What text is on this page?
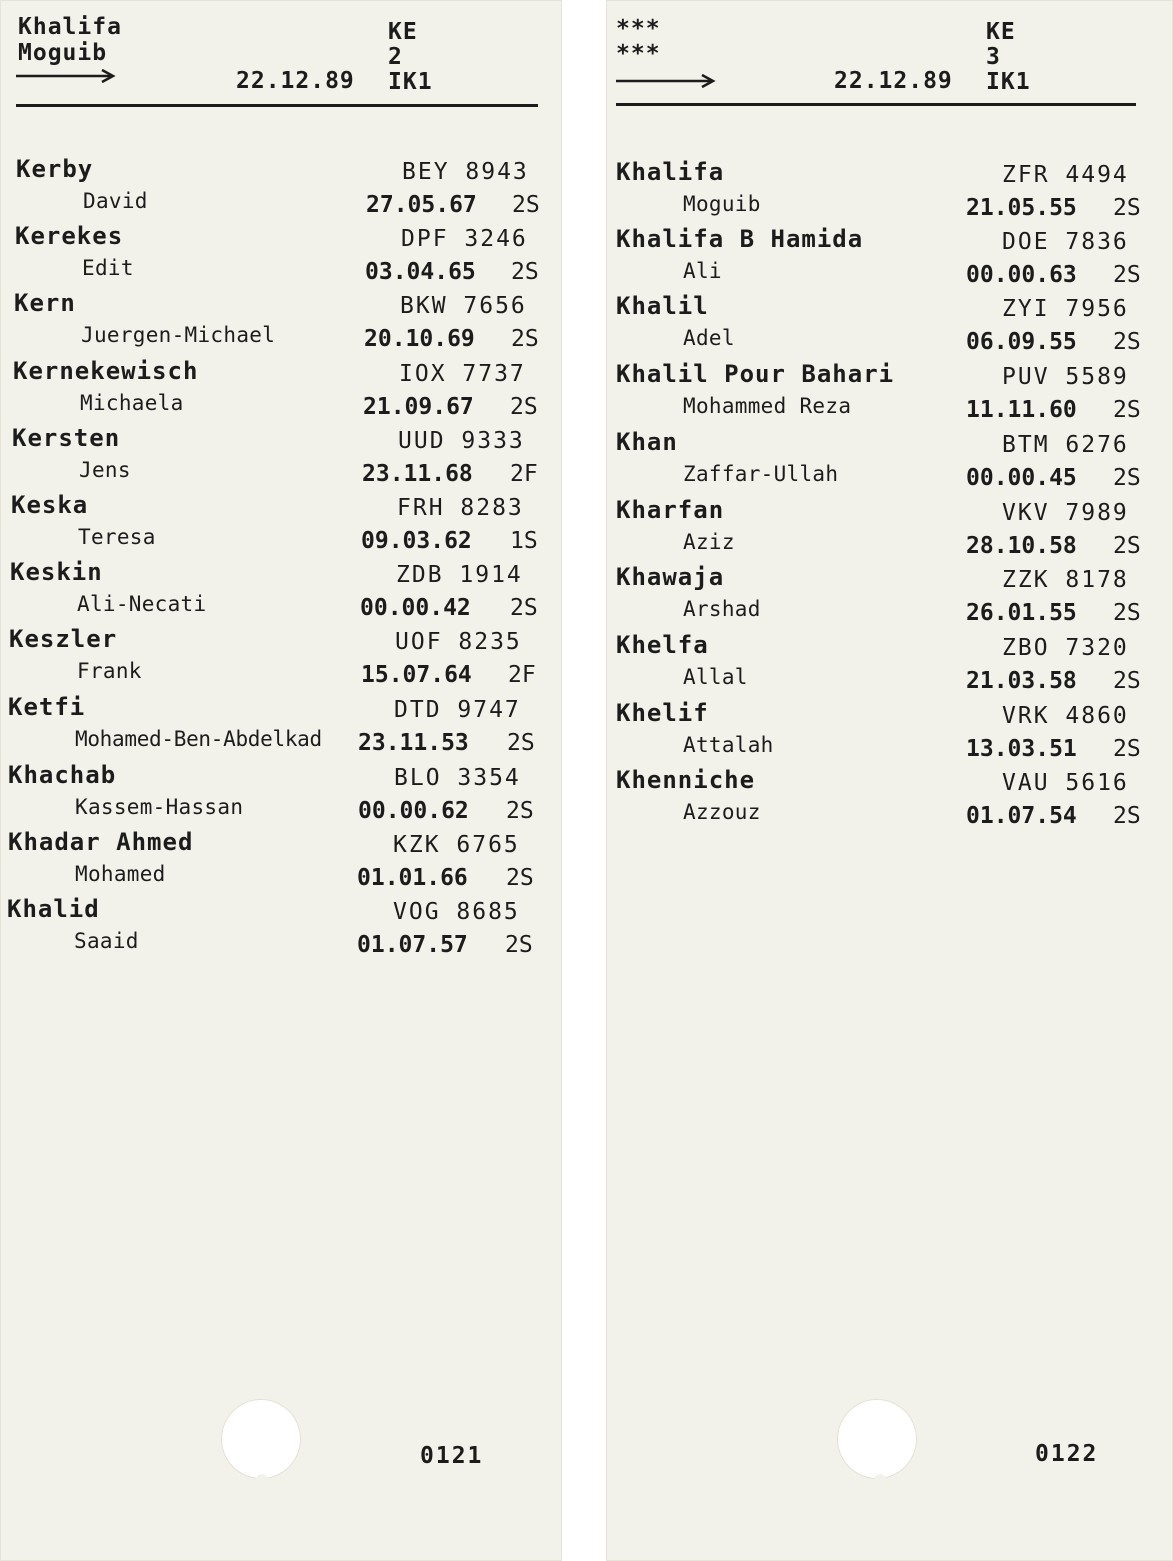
Khalifa
Moguib
KE
2
22.12.89 IK1
Kerby
David
BEY 8943
27.05.67 2S
Kerekes
Edit
DPF 3246
03.04.65 2S
Kern
Juergen-Michael
BKW 7656
20.10.69 2S
Kernekewisch
Michaela
IOX 7737
21.09.67 2S
Kersten
Jens
UUD 9333
23.11.68 2F
Keska
Teresa
FRH 8283
09.03.62 1S
Keskin
Ali-Necati
ZDB 1914
00.00.42 2S
Keszler
Frank
UOF 8235
15.07.64 2F
Ketfi
Mohamed-Ben-Abdelkad
DTD 9747
23.11.53 2S
Khachab
Kassem-Hassan
BLO 3354
00.00.62 2S
Khadar Ahmed
Mohamed
KZK 6765
01.01.66 2S
Khalid
Saaid
VOG 8685
01.07.57 2S
0121
***
***
KE
3
22.12.89 IK1
Khalifa
Moguib
ZFR 4494
21.05.55 2S
Khalifa B Hamida
Ali
DOE 7836
00.00.63 2S
Khalil
Adel
ZYI 7956
06.09.55 2S
Khalil Pour Bahari
Mohammed Reza
PUV 5589
11.11.60 2S
Khan
Zaffar-Ullah
BTM 6276
00.00.45 2S
Kharfan
Aziz
VKV 7989
28.10.58 2S
Khawaja
Arshad
ZZK 8178
26.01.55 2S
Khelfa
Allal
ZBO 7320
21.03.58 2S
Khelif
Attalah
VRK 4860
13.03.51 2S
Khenniche
Azzouz
VAU 5616
01.07.54 2S
0122
